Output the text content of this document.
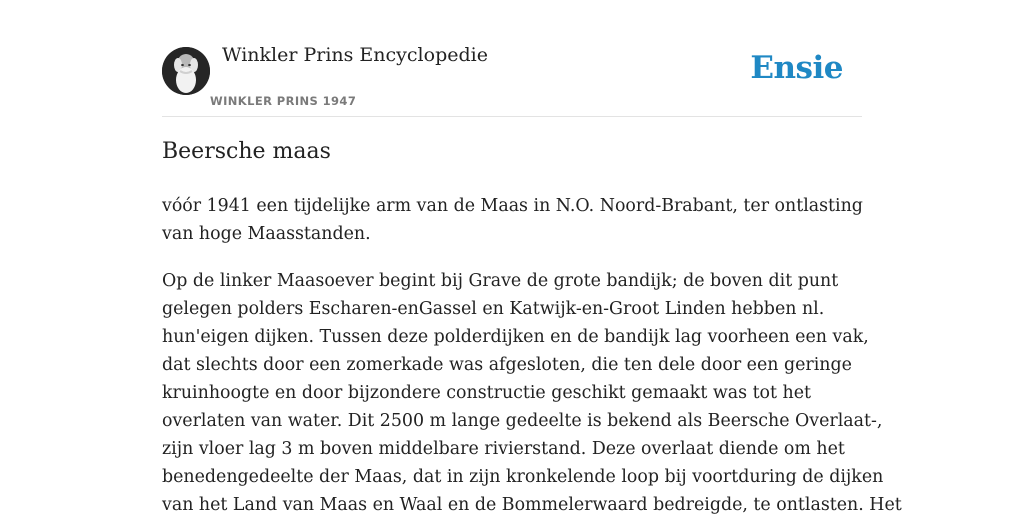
Winkler Prins Encyclopedie
WINKLER PRINS 1947
Ensie
Beersche maas

vóór 1941 een tijdelijke arm van de Maas in N.O. Noord-Brabant, ter ontlasting
van hoge Maasstanden.

Op de linker Maasoever begint bij Grave de grote bandijk; de boven dit punt
gelegen polders Escharen-enGassel en Katwijk-en-Groot Linden hebben nl.
hun'eigen dijken. Tussen deze polderdijken en de bandijk lag voorheen een vak,
dat slechts door een zomerkade was afgesloten, die ten dele door een geringe
kruinhoogte en door bijzondere constructie geschikt gemaakt was tot het
overlaten van water. Dit 2500 m lange gedeelte is bekend als Beersche Overlaat-,
zijn vloer lag 3 m boven middelbare rivierstand. Deze overlaat diende om het
benedengedeelte der Maas, dat in zijn kronkelende loop bij voortduring de dijken
van het Land van Maas en Waal en de Bommelerwaard bedreigde, te ontlasten. Het
